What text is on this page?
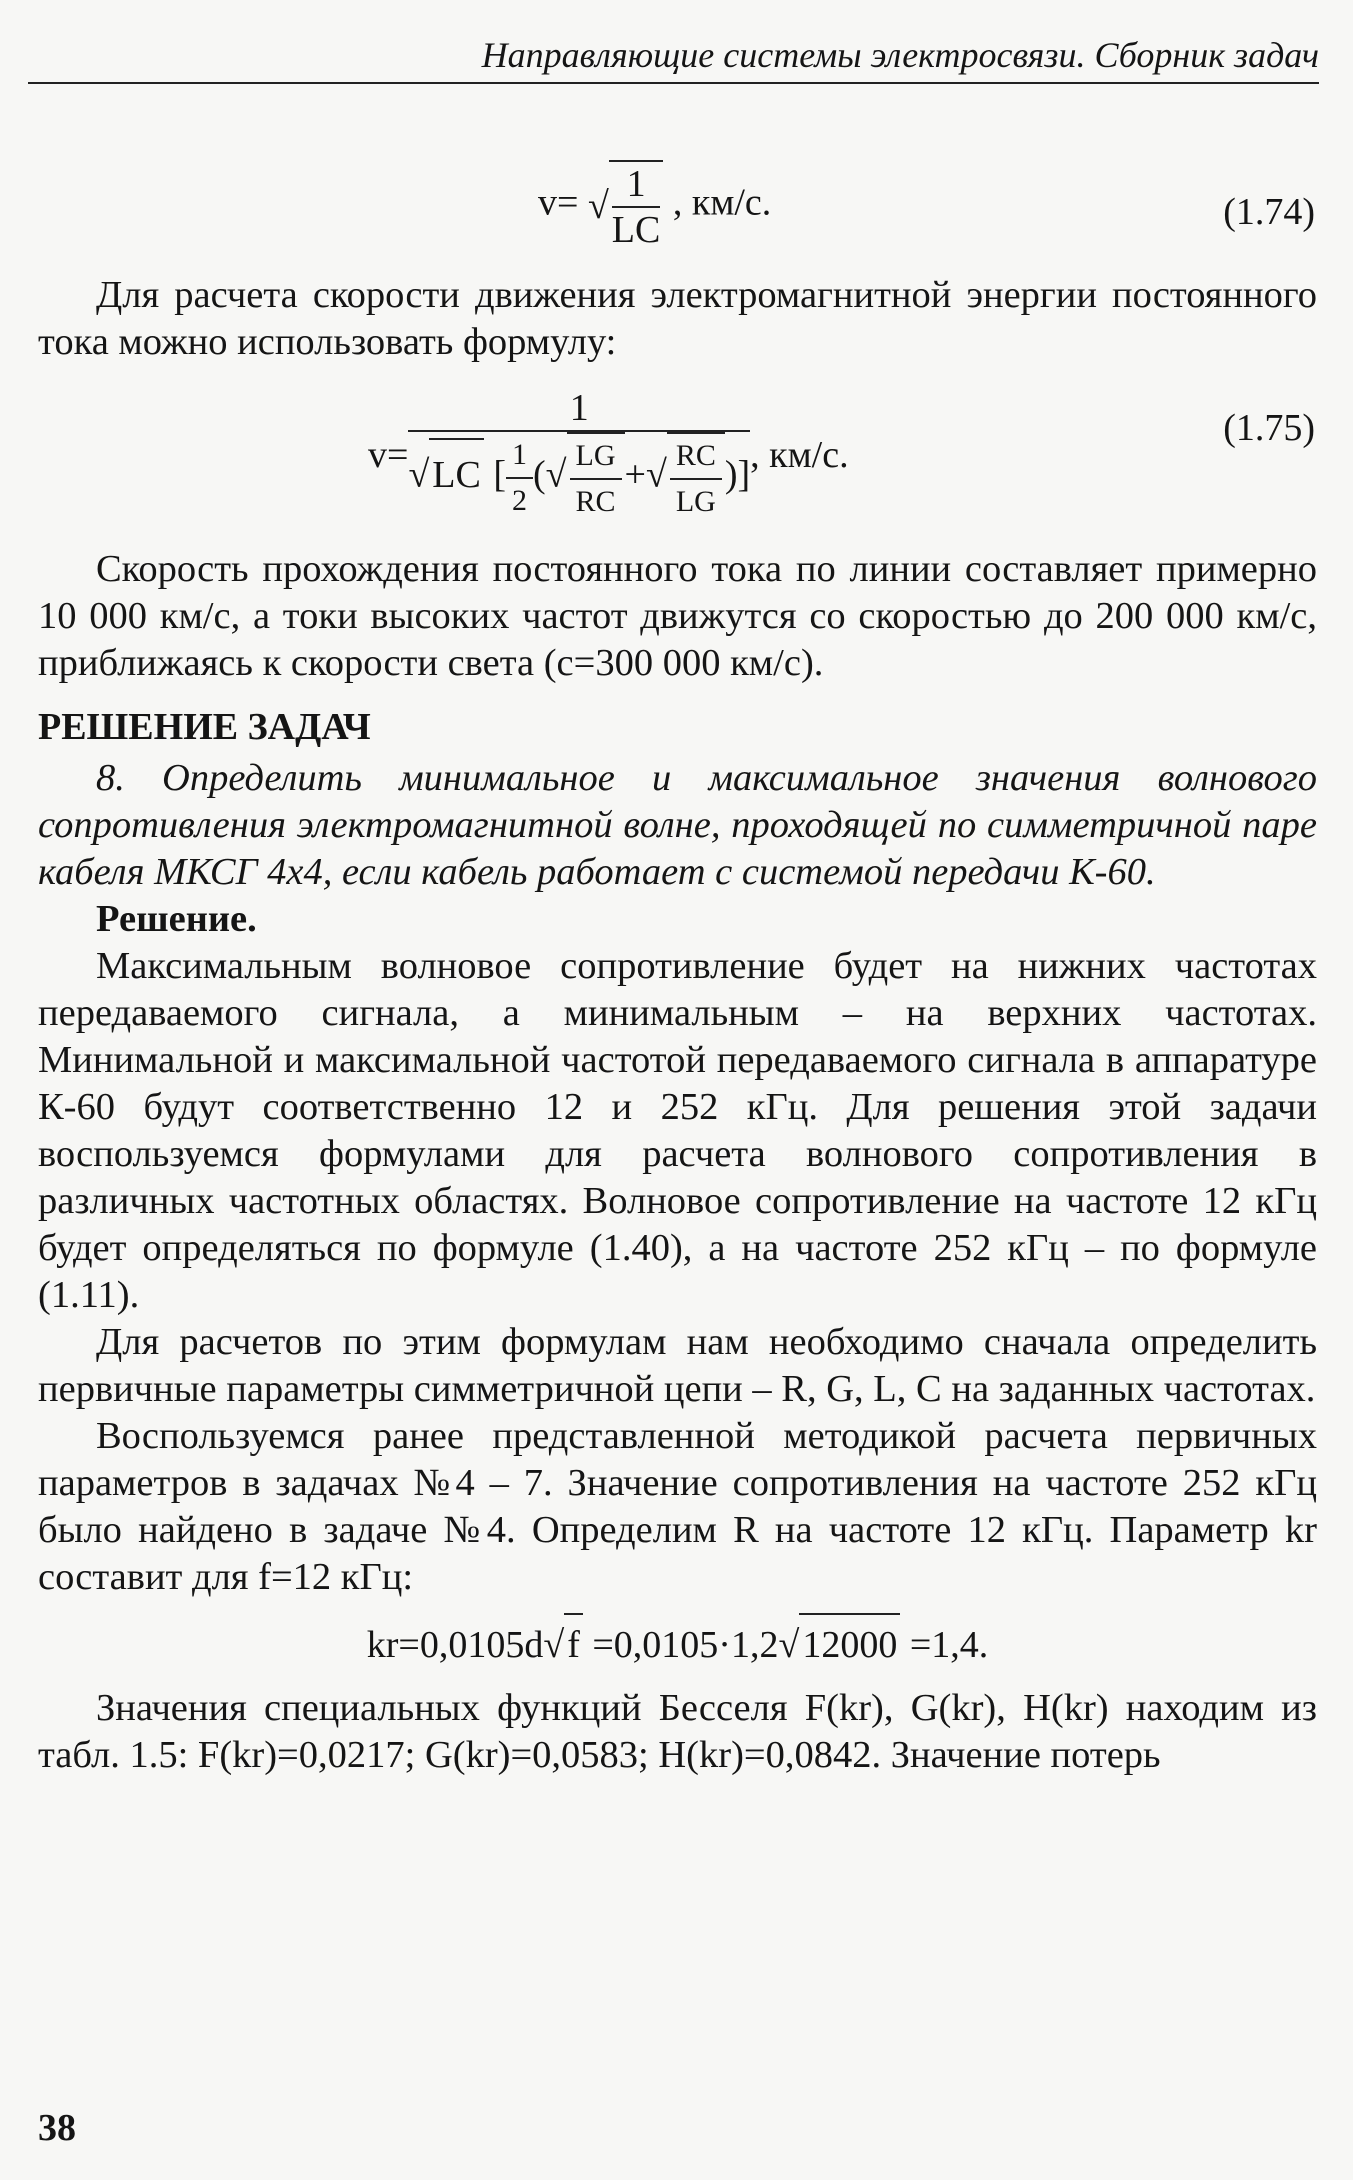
Направляющие системы электросвязи. Сборник задач
v= √ $\frac{1}{LC}$ , км/с.	(1.74)

Для расчета скорости движения электромагнитной энергии постоянного тока можно использовать формулу:

v=
1
√LC [ $\frac{1}{2}$ (√ $\frac{LG}{RC}$ +√ $\frac{RC}{LG}$ )] , км/с.
(1.75)

Скорость прохождения постоянного тока по линии составляет примерно 10 000 км/с, а токи высоких частот движутся со скоростью до 200 000 км/с, приближаясь к скорости света (c=300 000 км/с).

РЕШЕНИЕ ЗАДАЧ

8. Определить минимальное и максимальное значения волнового сопротивления электромагнитной волне, проходящей по симметричной паре кабеля МКСГ 4х4, если кабель работает с системой передачи К-60.

Решение.

Максимальным волновое сопротивление будет на нижних частотах передаваемого сигнала, а минимальным – на верхних частотах. Минимальной и максимальной частотой передаваемого сигнала в аппаратуре К-60 будут соответственно 12 и 252 кГц. Для решения этой задачи воспользуемся формулами для расчета волнового сопротивления в различных частотных областях. Волновое сопротивление на частоте 12 кГц будет определяться по формуле (1.40), а на частоте 252 кГц – по формуле (1.11).

Для расчетов по этим формулам нам необходимо сначала определить первичные параметры симметричной цепи – R, G, L, C на заданных частотах.

Воспользуемся ранее представленной методикой расчета первичных параметров в задачах №4 – 7. Значение сопротивления на частоте 252 кГц было найдено в задаче №4. Определим R на частоте 12 кГц. Параметр kr составит для f=12 кГц:

kr=0,0105d√f =0,0105·1,2√12000 =1,4.

Значения специальных функций Бесселя F(kr), G(kr), H(kr) находим из табл. 1.5: F(kr)=0,0217; G(kr)=0,0583; H(kr)=0,0842. Значение потерь

38
